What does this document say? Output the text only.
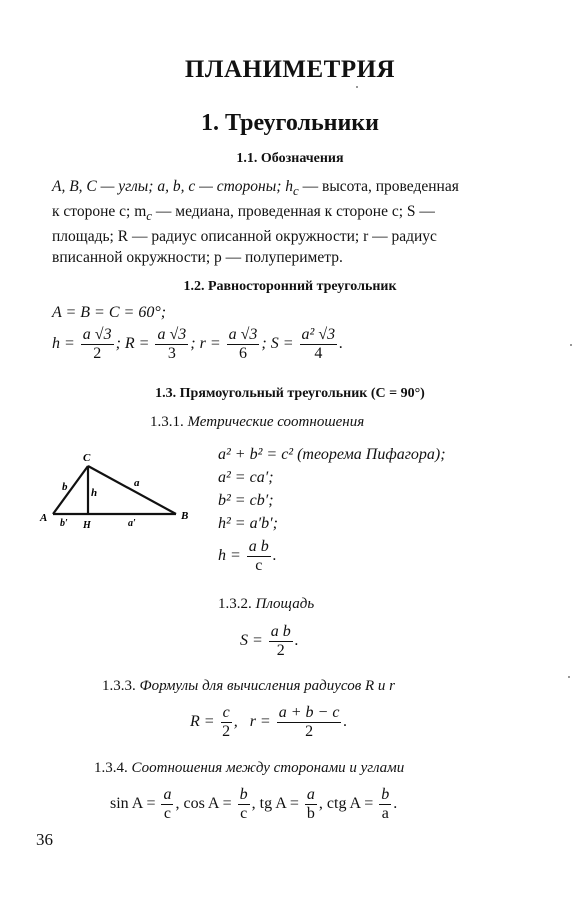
ПЛАНИМЕТРИЯ
1. Треугольники
1.1. Обозначения
A, B, C — углы; a, b, c — стороны; $h_c$ — высота, проведенная
к стороне c; $m_c$ — медиана, проведенная к стороне c; S —
площадь; R — радиус описанной окружности; r — радиус
вписанной окружности; p — полупериметр.
1.2. Равносторонний треугольник
A = B = C = 60°;
$h = \frac{a √3}{2}$ ; $R = \frac{a √3}{3}$ ; $r = \frac{a √3}{6}$ ; $S = \frac{\text{a² √3}}{4}$ .
1.3. Прямоугольный треугольник (C = 90°)
1.3.1. Метрические соотношения
C
A	B
H
b	a
h
b′	a′
a² + b² = c² (теорема Пифагора);
a² = ca′;
b² = cb′;
h² = a′b′;
$h = \frac{\text{a b}}{c}$ .
1.3.2. Площадь
$S = \frac{\text{a b}}{2}$ .
1.3.3. Формулы для вычисления радиусов R и r
$R = \frac{c}{2}$ , $r = \frac{a + b - c}{2}$ .
1.3.4. Соотношения между сторонами и углами
$\sin A = \frac{a}{c}$ , $\cos A = \frac{b}{c}$ , tg $A = \frac{a}{b}$ , ctg $A = \frac{b}{a}$ .
36
